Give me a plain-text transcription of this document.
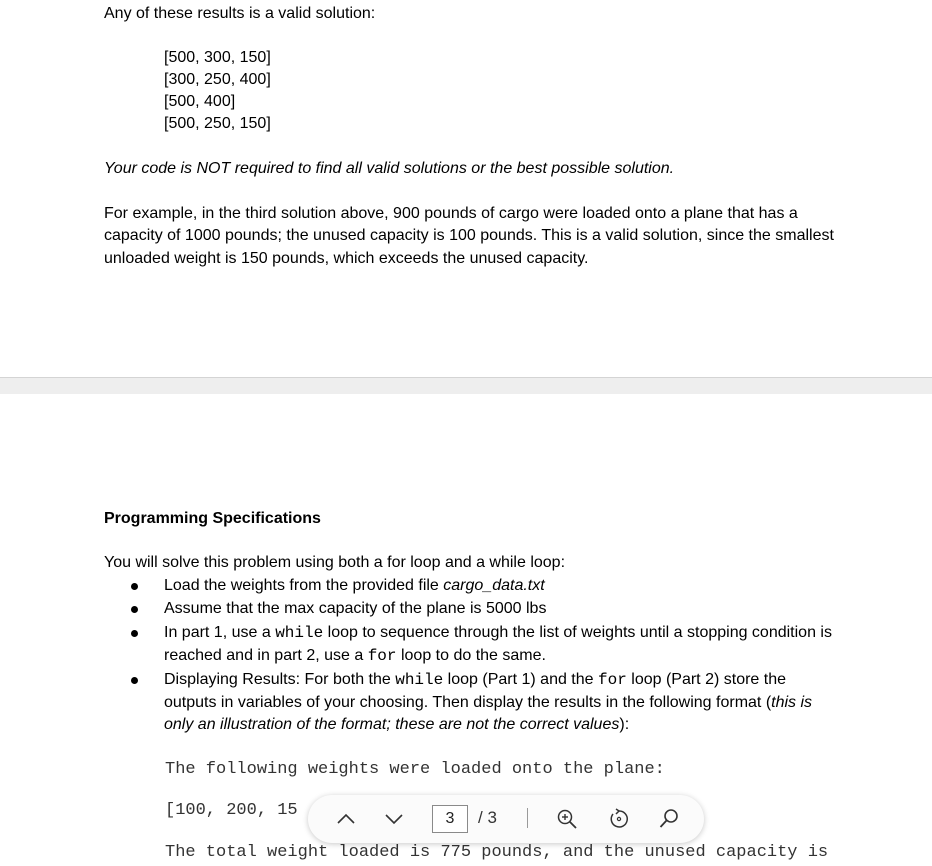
Any of these results is a valid solution:
[500, 300, 150]
[300, 250, 400]
[500, 400]
[500, 250, 150]
Your code is NOT required to find all valid solutions or the best possible solution.
For example, in the third solution above, 900 pounds of cargo were loaded onto a plane that has a
capacity of 1000 pounds; the unused capacity is 100 pounds. This is a valid solution, since the smallest
unloaded weight is 150 pounds, which exceeds the unused capacity.
Programming Specifications
You will solve this problem using both a for loop and a while loop:
Load the weights from the provided file cargo_data.txt
Assume that the max capacity of the plane is 5000 lbs
In part 1, use a while loop to sequence through the list of weights until a stopping condition is
reached and in part 2, use a for loop to do the same.
Displaying Results: For both the while loop (Part 1) and the for loop (Part 2) store the
outputs in variables of your choosing. Then display the results in the following format (this is
only an illustration of the format; these are not the correct values):
The following weights were loaded onto the plane:
[100, 200, 15
The total weight loaded is 775 pounds, and the unused capacity is
3
/ 3
